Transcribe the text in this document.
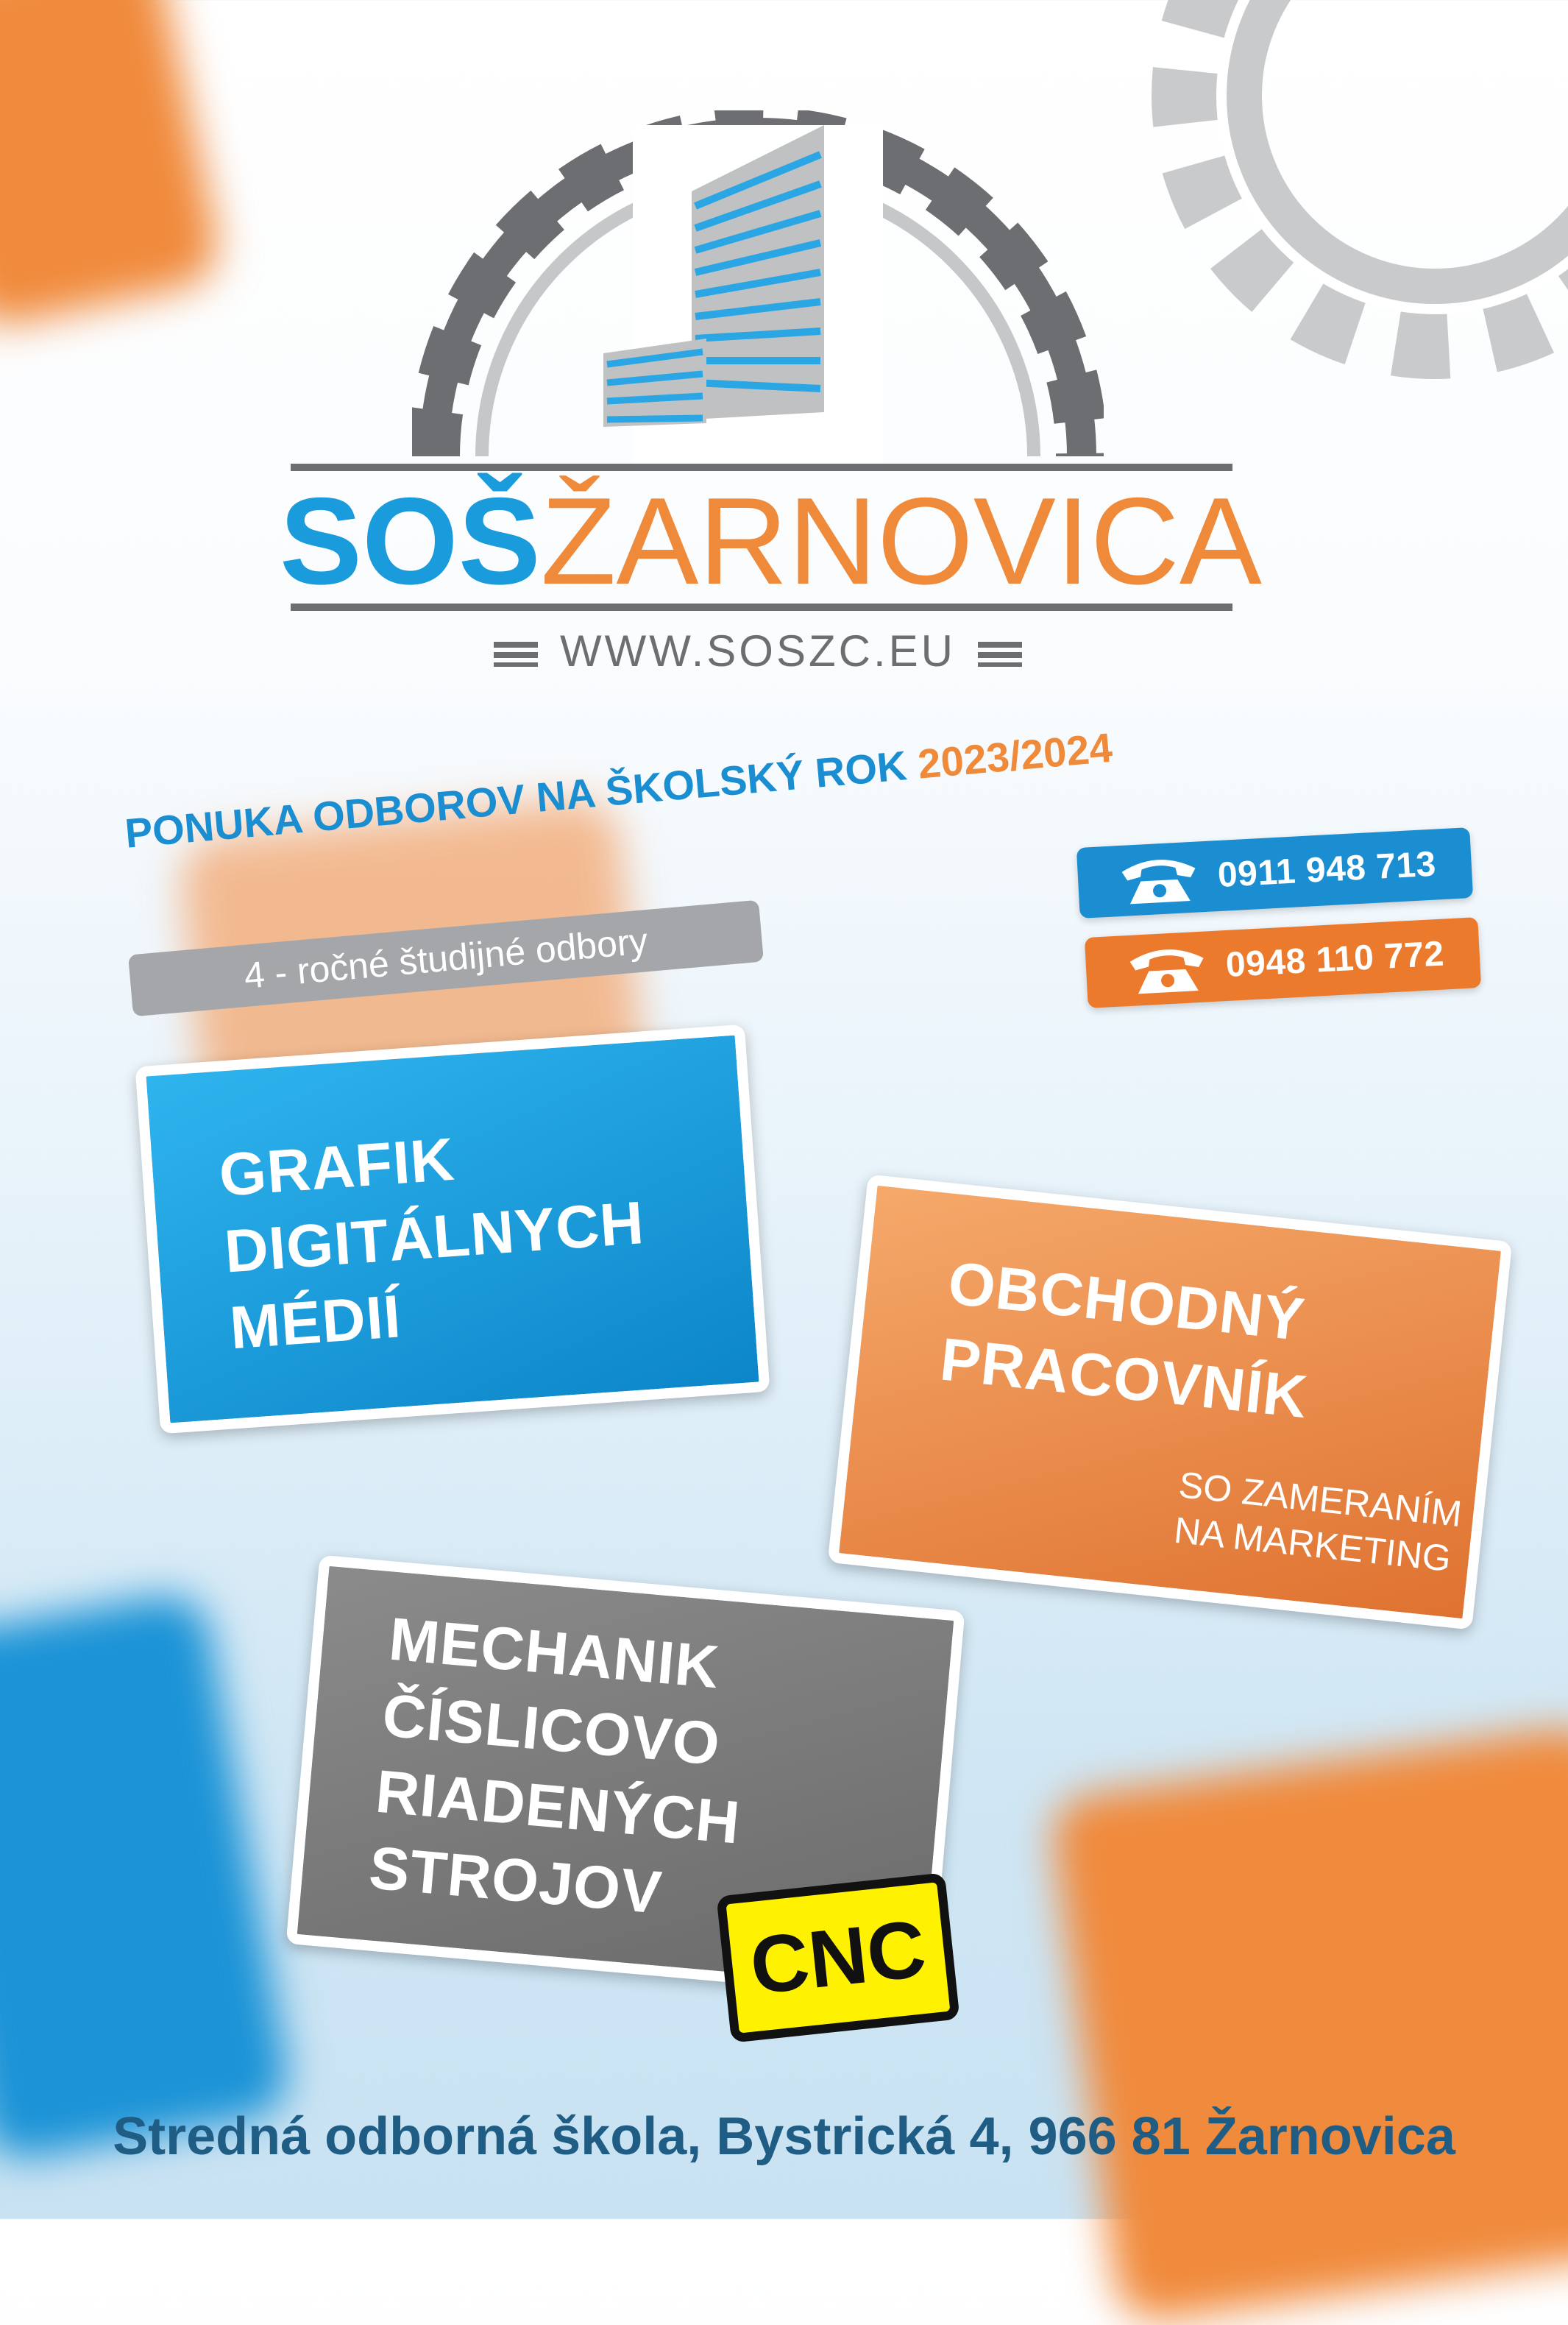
SOŠŽARNOVICA
WWW.SOSZC.EU
PONUKA ODBOROV NA ŠKOLSKÝ ROK 2023/2024
4 - ročné študijné odbory
0911 948 713
0948 110 772
GRAFIK
DIGITÁLNYCH
MÉDIÍ	OBCHODNÝ
PRACOVNÍK
SO ZAMERANÍM
NA MARKETING
MECHANIK
ČÍSLICOVO
RIADENÝCH
STROJOV
CNC
Stredná odborná škola, Bystrická 4, 966 81 Žarnovica
